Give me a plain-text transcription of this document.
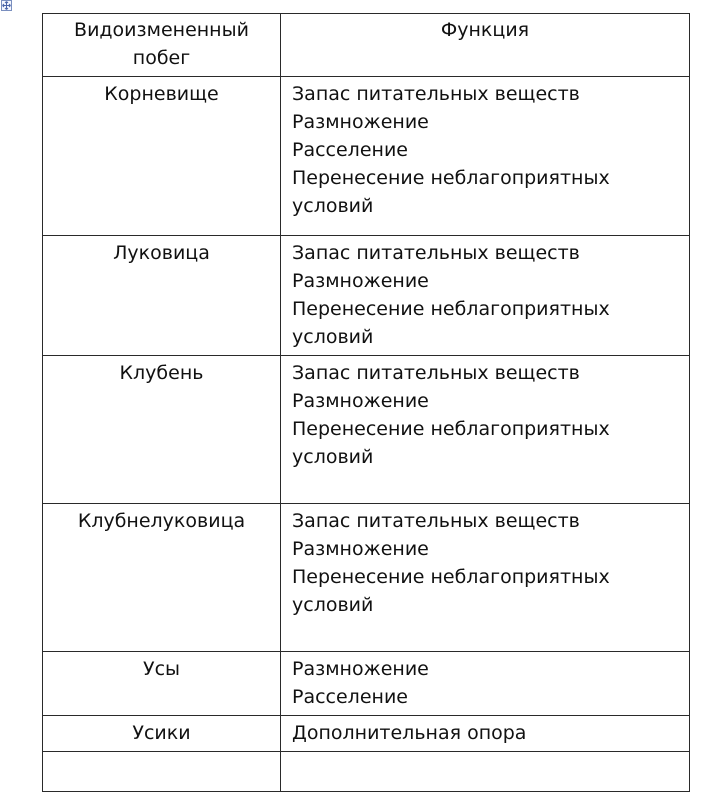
Видоизмененный
побег	Функция

Корневище	Запас питательных веществ
Размножение
Расселение
Перенесение неблагоприятных условий

Луковица	Запас питательных веществ
Размножение
Перенесение неблагоприятных условий

Клубень	Запас питательных веществ
Размножение
Перенесение неблагоприятных условий

Клубнелуковица	Запас питательных веществ
Размножение
Перенесение неблагоприятных условий

Усы	Размножение
Расселение

Усики	Дополнительная опора
